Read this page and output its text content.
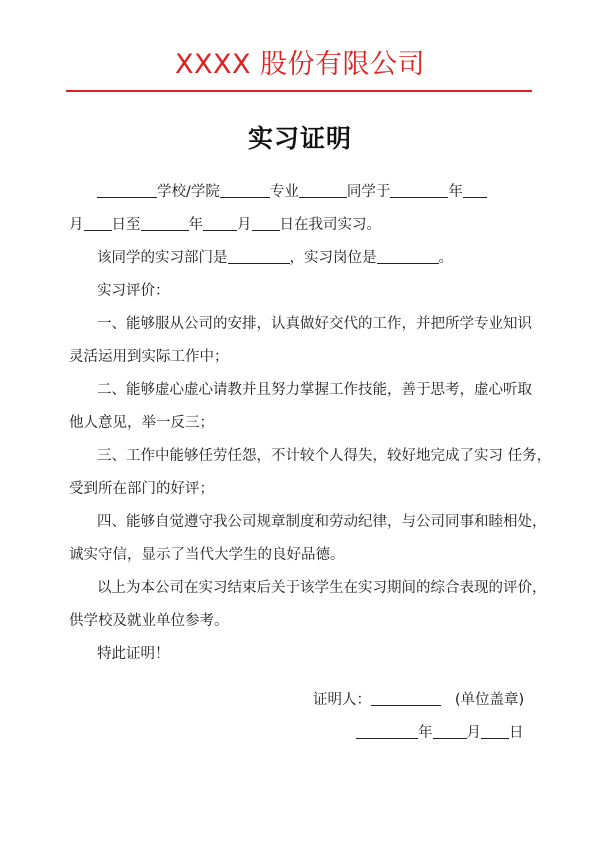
XXXX 股份有限公司
实习证明
学校/学院	专业	同学于	年
月 日至	年 月 日在我司实习。
该同学的实习部门是	，实习岗位是	。
实习评价：
一、能够服从公司的安排，认真做好交代的工作，并把所学专业知识
灵活运用到实际工作中；
二、能够虚心虚心请教并且努力掌握工作技能，善于思考，虚心听取
他人意见，举一反三；
三、工作中能够任劳任怨，不计较个人得失，较好地完成了实习 任务，
受到所在部门的好评；
四、能够自觉遵守我公司规章制度和劳动纪律，与公司同事和睦相处，
诚实守信，显示了当代大学生的良好品德。
以上为本公司在实习结束后关于该学生在实习期间的综合表现的评价，
供学校及就业单位参考。
特此证明！
证明人：	(单位盖章)
年 月 日
